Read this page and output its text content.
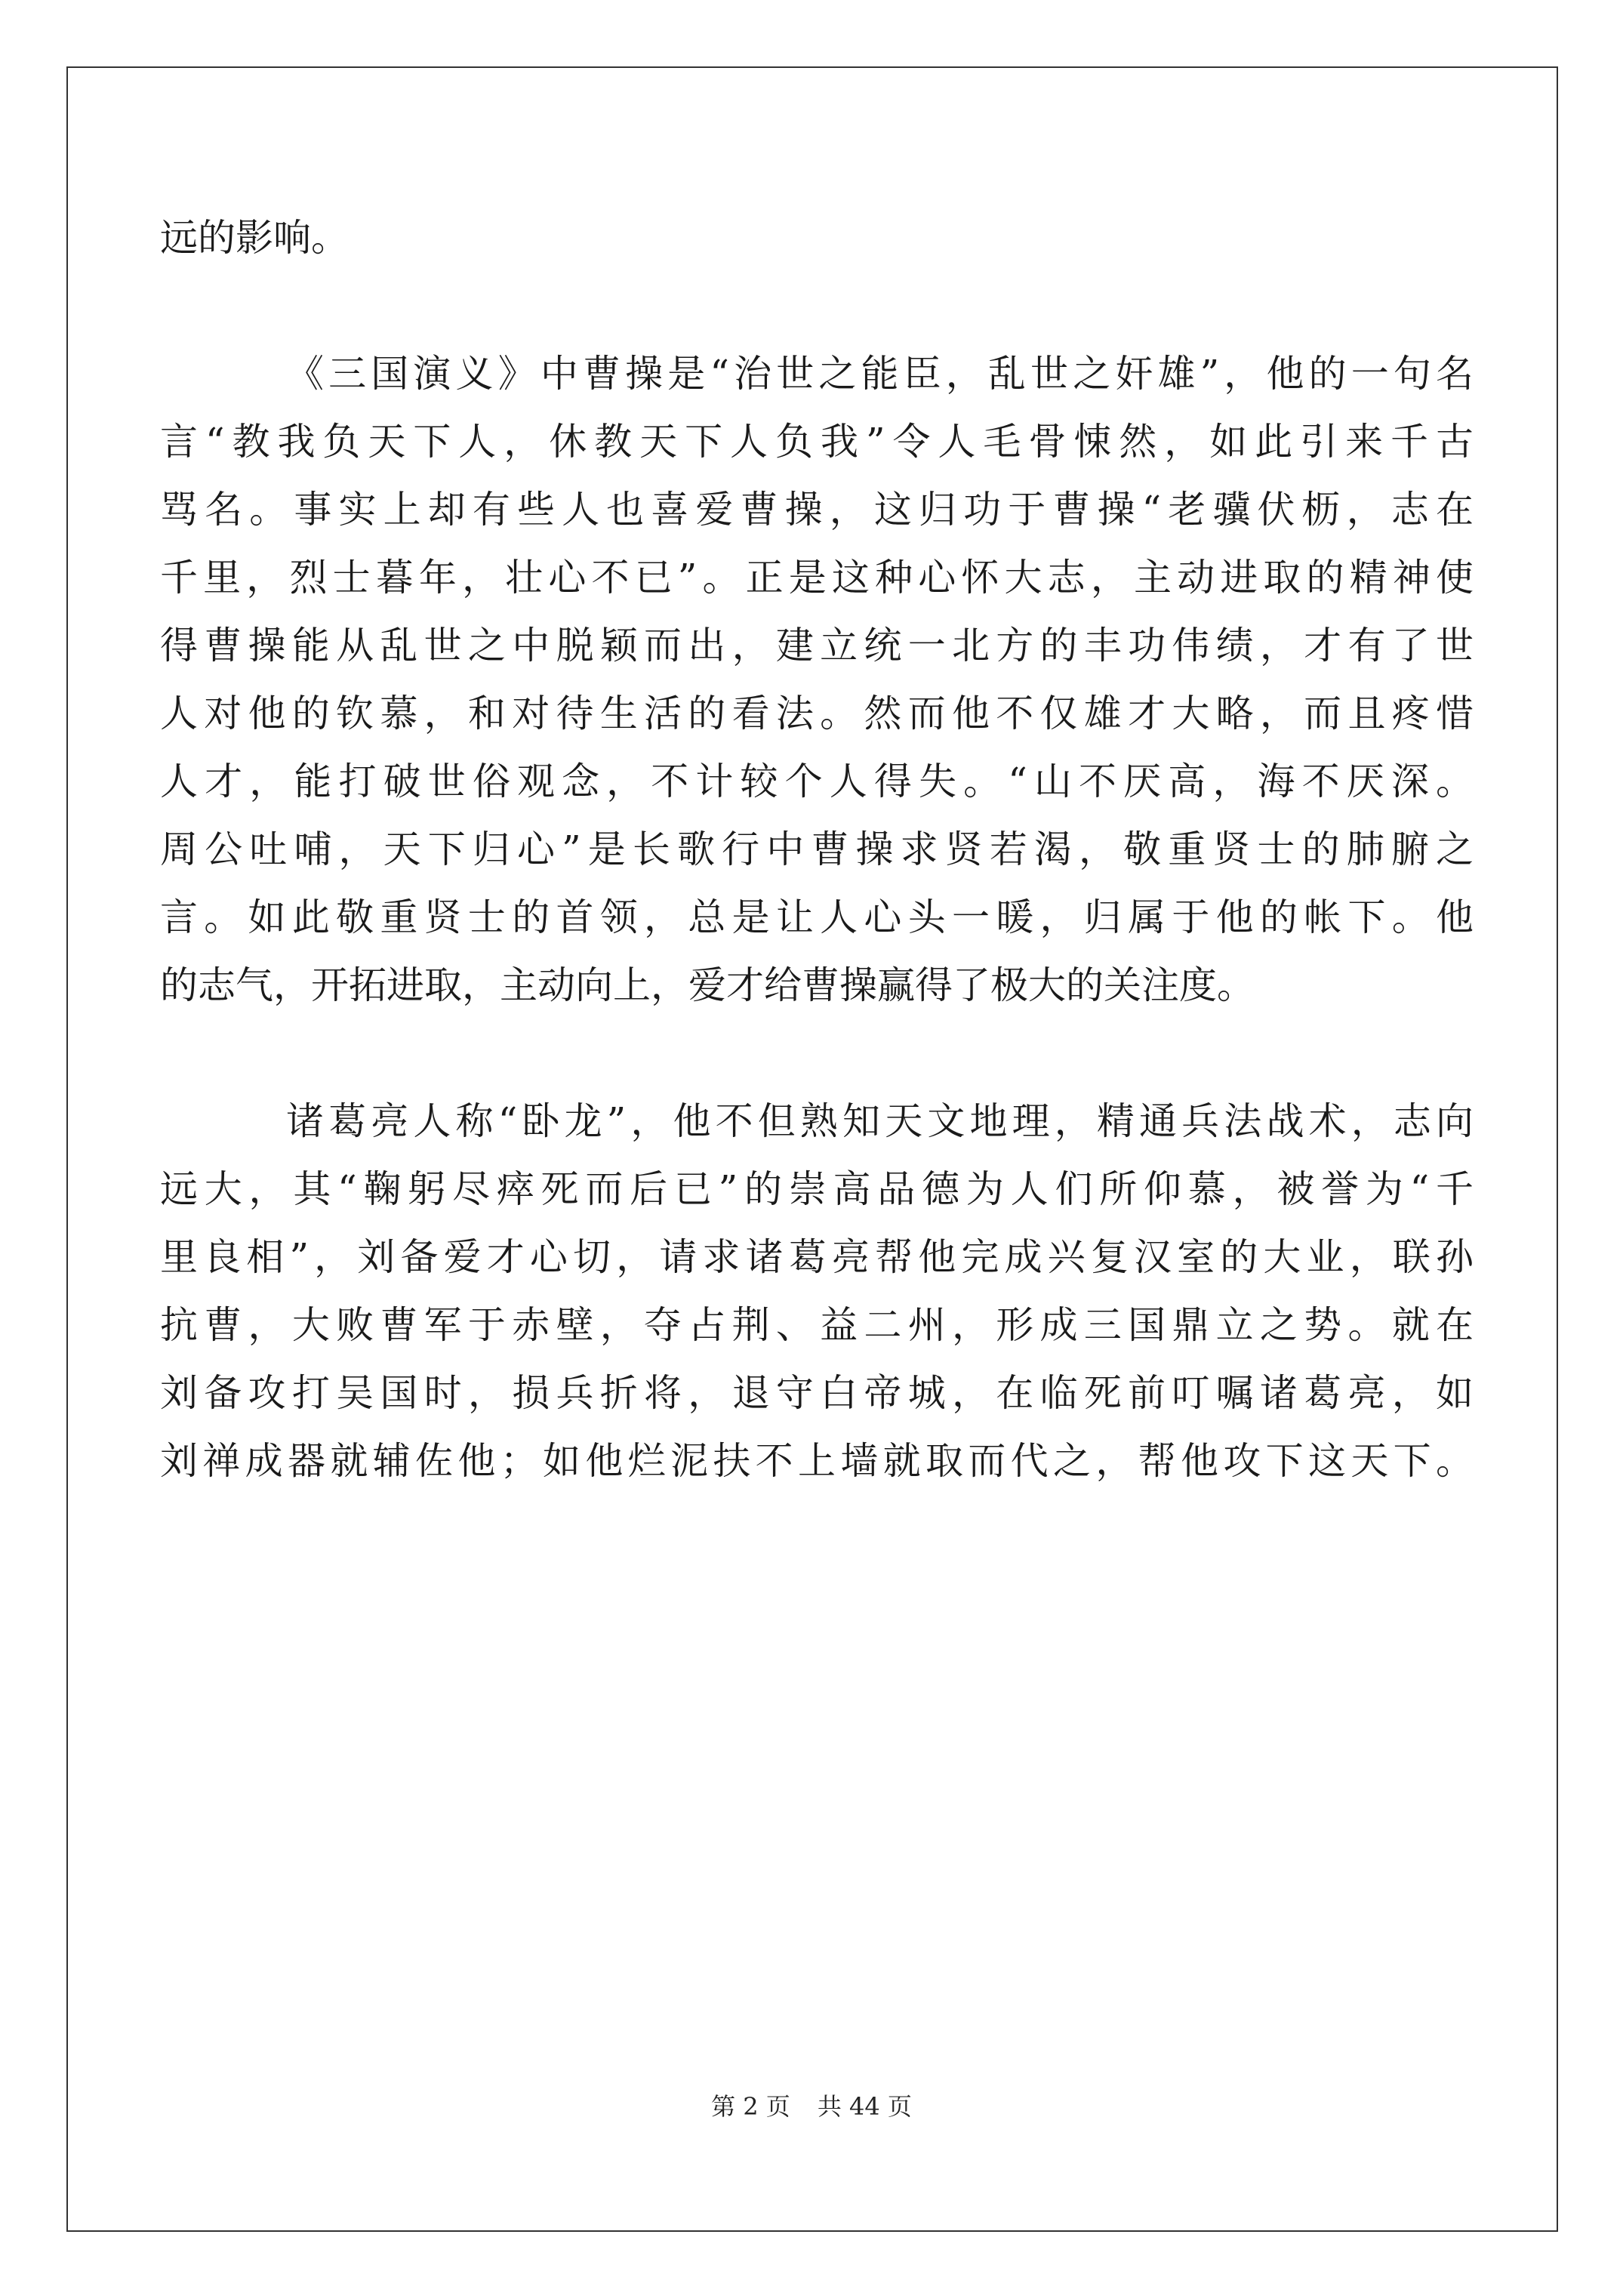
远的影响。
《三国演义》中曹操是“治世之能臣，乱世之奸雄”，他的一句名
言“教我负天下人，休教天下人负我”令人毛骨悚然，如此引来千古
骂名。事实上却有些人也喜爱曹操，这归功于曹操“老骥伏枥，志在
千里，烈士暮年，壮心不已”。正是这种心怀大志，主动进取的精神使
得曹操能从乱世之中脱颖而出，建立统一北方的丰功伟绩，才有了世
人对他的钦慕，和对待生活的看法。然而他不仅雄才大略，而且疼惜
人才，能打破世俗观念，不计较个人得失。“山不厌高，海不厌深。
周公吐哺，天下归心”是长歌行中曹操求贤若渴，敬重贤士的肺腑之
言。如此敬重贤士的首领，总是让人心头一暖，归属于他的帐下。他
的志气，开拓进取，主动向上，爱才给曹操赢得了极大的关注度。
诸葛亮人称“卧龙”，他不但熟知天文地理，精通兵法战术，志向
远大，其“鞠躬尽瘁死而后已”的崇高品德为人们所仰慕，被誉为“千
里良相”，刘备爱才心切，请求诸葛亮帮他完成兴复汉室的大业，联孙
抗曹，大败曹军于赤壁，夺占荆、益二州，形成三国鼎立之势。就在
刘备攻打吴国时，损兵折将，退守白帝城，在临死前叮嘱诸葛亮，如
刘禅成器就辅佐他；如他烂泥扶不上墙就取而代之，帮他攻下这天下。
第 2 页 共 44 页
